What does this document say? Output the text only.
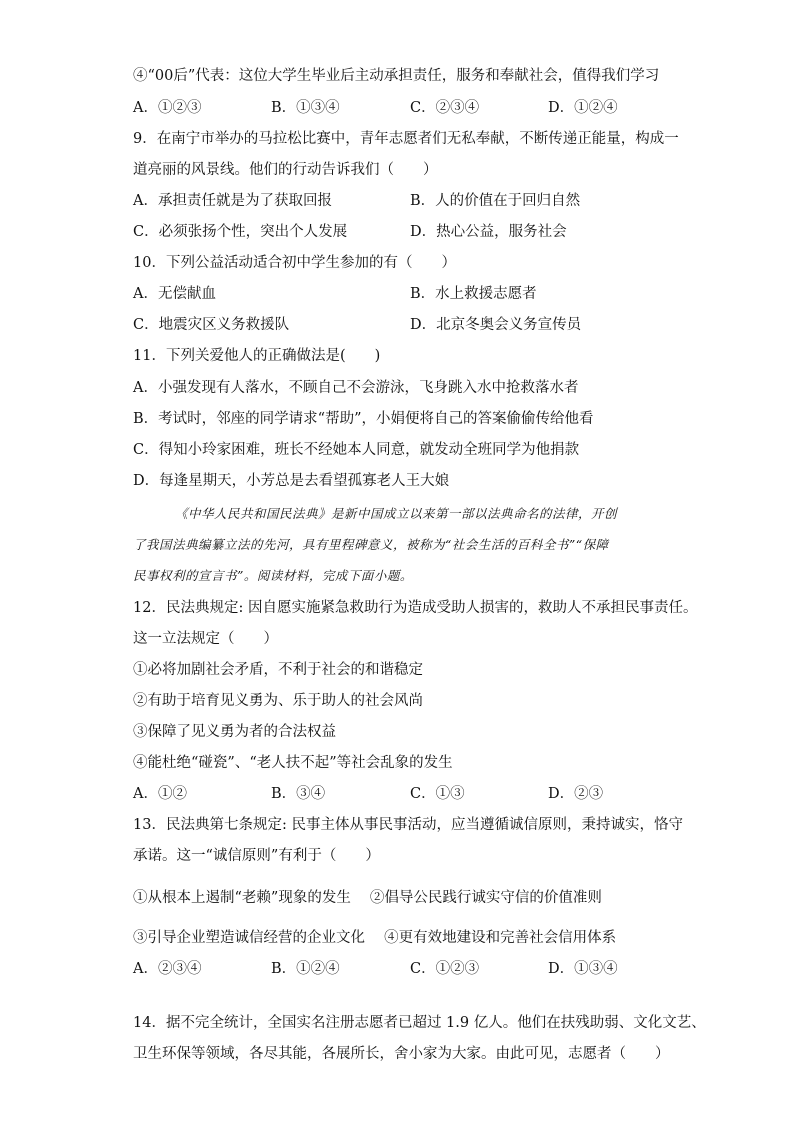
④“00后”代表：这位大学生毕业后主动承担责任，服务和奉献社会，值得我们学习
A．①②③	B．①③④	C．②③④	D．①②④
9．在南宁市举办的马拉松比赛中，青年志愿者们无私奉献，不断传递正能量，构成一
道亮丽的风景线。他们的行动告诉我们（　　）
A．承担责任就是为了获取回报	B．人的价值在于回归自然
C．必须张扬个性，突出个人发展	D．热心公益，服务社会
10．下列公益活动适合初中学生参加的有（　　）
A．无偿献血	B．水上救援志愿者
C．地震灾区义务救援队	D．北京冬奥会义务宣传员
11．下列关爱他人的正确做法是(　　)
A．小强发现有人落水，不顾自己不会游泳，飞身跳入水中抢救落水者
B．考试时，邻座的同学请求“帮助”，小娟便将自己的答案偷偷传给他看
C．得知小玲家困难，班长不经她本人同意，就发动全班同学为他捐款
D．每逢星期天，小芳总是去看望孤寡老人王大娘
《中华人民共和国民法典》是新中国成立以来第一部以法典命名的法律，开创
了我国法典编纂立法的先河，具有里程碑意义，被称为“社会生活的百科全书”“保障
民事权利的宣言书”。阅读材料，完成下面小题。
12．民法典规定: 因自愿实施紧急救助行为造成受助人损害的，救助人不承担民事责任。
这一立法规定（　　）
①必将加剧社会矛盾，不利于社会的和谐稳定
②有助于培育见义勇为、乐于助人的社会风尚
③保障了见义勇为者的合法权益
④能杜绝“碰瓷”、“老人扶不起”等社会乱象的发生
A．①②	B．③④	C．①③	D．②③
13．民法典第七条规定: 民事主体从事民事活动，应当遵循诚信原则，秉持诚实，恪守
承诺。这一“诚信原则”有利于（　　）
①从根本上遏制“老赖”现象的发生　 ②倡导公民践行诚实守信的价值准则
③引导企业塑造诚信经营的企业文化　 ④更有效地建设和完善社会信用体系
A．②③④	B．①②④	C．①②③	D．①③④
14．据不完全统计，全国实名注册志愿者已超过 1.9 亿人。他们在扶残助弱、文化文艺、
卫生环保等领域，各尽其能，各展所长，舍小家为大家。由此可见，志愿者（　　）
